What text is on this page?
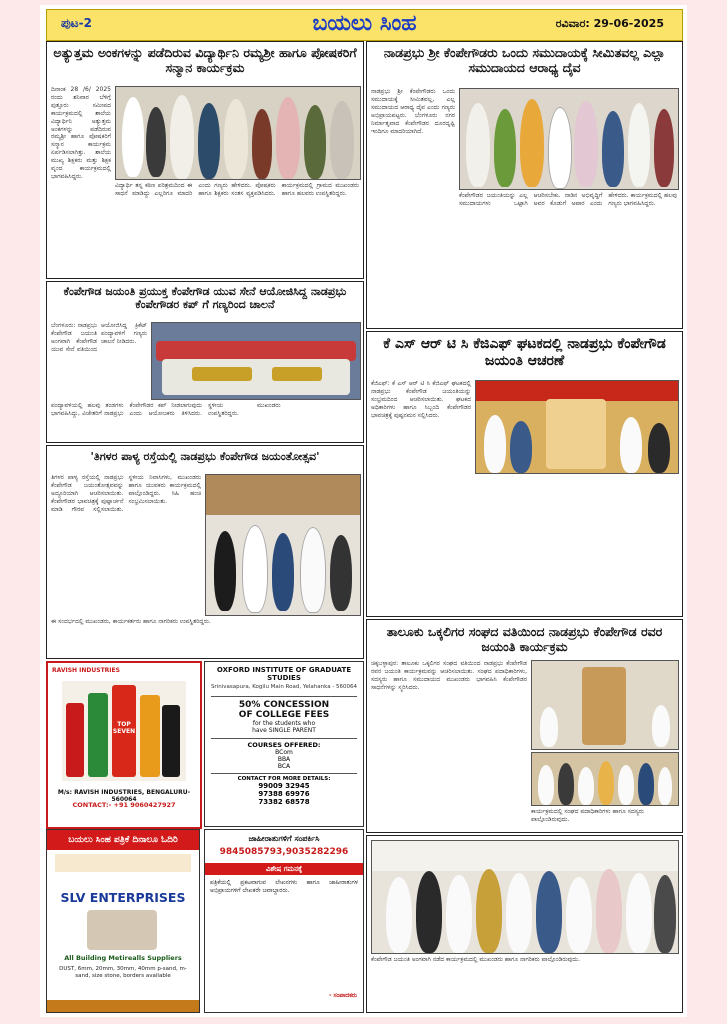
ಪುಟ-2	ಬಯಲು ಸಿಂಹ	ರವಿವಾರ: 29-06-2025
ಅತ್ಯುತ್ತಮ ಅಂಕಗಳನ್ನು ಪಡೆದಿರುವ ವಿದ್ಯಾರ್ಥಿನಿ ರಮ್ಯಶ್ರೀ ಹಾಗೂ ಪೋಷಕರಿಗೆ ಸನ್ಮಾನ ಕಾರ್ಯಕ್ರಮ
ದಿನಾಂಕ 28 /6/ 2025 ರಂದು ಶನಿವಾರ ಬೆಳಿಗ್ಗೆ ಪುತ್ತೂರು ಸಮೀಪದ ಕಾರ್ಯಕ್ರಮದಲ್ಲಿ ಶಾಲೆಯ ವಿದ್ಯಾರ್ಥಿನಿ ಅತ್ಯುತ್ತಮ ಅಂಕಗಳನ್ನು ಪಡೆದಿರುವ ರಮ್ಯಶ್ರೀ ಹಾಗೂ ಪೋಷಕರಿಗೆ ಸನ್ಮಾನ ಕಾರ್ಯಕ್ರಮ ಏರ್ಪಡಿಸಲಾಗಿತ್ತು. ಶಾಲೆಯ ಮುಖ್ಯ ಶಿಕ್ಷಕರು ಮತ್ತು ಶಿಕ್ಷಕ ವೃಂದ ಕಾರ್ಯಕ್ರಮದಲ್ಲಿ ಭಾಗವಹಿಸಿದ್ದರು.
ವಿದ್ಯಾರ್ಥಿ ತನ್ನ ಕಠಿಣ ಪರಿಶ್ರಮದಿಂದ ಈ ಸಾಧನೆ ಮಾಡಿದ್ದು ಎಲ್ಲರಿಗೂ ಮಾದರಿ ಎಂದು ಗಣ್ಯರು ಹೇಳಿದರು. ಪೋಷಕರು ಹಾಗೂ ಶಿಕ್ಷಕರು ಸಂತಸ ವ್ಯಕ್ತಪಡಿಸಿದರು. ಕಾರ್ಯಕ್ರಮದಲ್ಲಿ ಗ್ರಾಮದ ಮುಖಂಡರು ಹಾಗೂ ಹಲವರು ಉಪಸ್ಥಿತರಿದ್ದರು.
ಕೆಂಪೇಗೌಡ ಜಯಂತಿ ಪ್ರಯುಕ್ತ ಕೆಂಪೇಗೌಡ ಯುವ ಸೇನೆ ಆಯೋಜಿಸಿದ್ದ ನಾಡಪ್ರಭು ಕೆಂಪೇಗೌಡರ ಕಪ್ ಗೆ ಗಣ್ಯರಿಂದ ಚಾಲನೆ
ಬೆಂಗಳೂರು: ನಾಡಪ್ರಭು ಕೆಂಪೇಗೌಡ ಜಯಂತಿ ಅಂಗವಾಗಿ ಕೆಂಪೇಗೌಡ ಯುವ ಸೇನೆ ವತಿಯಿಂದ ಆಯೋಜಿಸಿದ್ದ ಕ್ರಿಕೆಟ್ ಪಂದ್ಯಾವಳಿಗೆ ಗಣ್ಯರು ಚಾಲನೆ ನೀಡಿದರು.
ಪಂದ್ಯಾವಳಿಯಲ್ಲಿ ಹಲವು ತಂಡಗಳು ಭಾಗವಹಿಸಿದ್ದು, ವಿಜೇತರಿಗೆ ನಾಡಪ್ರಭು ಕೆಂಪೇಗೌಡರ ಕಪ್ ನೀಡಲಾಗುವುದು ಎಂದು ಆಯೋಜಕರು ತಿಳಿಸಿದರು. ಸ್ಥಳೀಯ ಮುಖಂಡರು ಉಪಸ್ಥಿತರಿದ್ದರು.
'ತಿಗಳರ ಪಾಳ್ಯ ರಸ್ತೆಯಲ್ಲಿ ನಾಡಪ್ರಭು ಕೆಂಪೇಗೌಡ ಜಯಂತೋತ್ಸವ'
ತಿಗಳರ ಪಾಳ್ಯ ರಸ್ತೆಯಲ್ಲಿ ನಾಡಪ್ರಭು ಕೆಂಪೇಗೌಡ ಜಯಂತೋತ್ಸವವನ್ನು ಅದ್ಧೂರಿಯಾಗಿ ಆಚರಿಸಲಾಯಿತು. ಕೆಂಪೇಗೌಡರ ಭಾವಚಿತ್ರಕ್ಕೆ ಪುಷ್ಪಾರ್ಚನೆ ಮಾಡಿ ಗೌರವ ಸಲ್ಲಿಸಲಾಯಿತು. ಸ್ಥಳೀಯ ನಿವಾಸಿಗಳು, ಮುಖಂಡರು ಹಾಗೂ ಯುವಕರು ಕಾರ್ಯಕ್ರಮದಲ್ಲಿ ಪಾಲ್ಗೊಂಡಿದ್ದರು. ಸಿಹಿ ಹಂಚಿ ಸಂಭ್ರಮಿಸಲಾಯಿತು.
ಈ ಸಂದರ್ಭದಲ್ಲಿ ಮುಖಂಡರು, ಕಾರ್ಯಕರ್ತರು ಹಾಗೂ ನಾಗರಿಕರು ಉಪಸ್ಥಿತರಿದ್ದರು.
RAVISH INDUSTRIES
TOP SEVEN
M/s: RAVISH INDUSTRIES, BENGALURU-560064
CONTACT:- +91 9060427927
OXFORD INSTITUTE OF GRADUATE STUDIES
Srinivasapura, Kogilu Main Road, Yelahanka - 560064
50% CONCESSION
OF COLLEGE FEES
for the students who
have SINGLE PARENT
COURSES OFFERED:
BCom
BBA
BCA
CONTACT FOR MORE DETAILS:
99009 32945
97388 69976
73382 68578
ಬಯಲು ಸಿಂಹ ಪತ್ರಿಕೆ ದಿನಾಲೂ ಓದಿರಿ
SLV ENTERPRISES
All Building Metirealls Suppliers
DUST, 6mm, 20mm, 30mm, 40mm p-sand, m-sand, size stone, borders available
ಜಾಹೀರಾತುಗಳಿಗೆ ಸಂಪರ್ಕಿಸಿ
9845085793,9035282296
ವಿಶೇಷ ಗಮನಕ್ಕೆ
ಪತ್ರಿಕೆಯಲ್ಲಿ ಪ್ರಕಟವಾಗುವ ಲೇಖನಗಳು ಹಾಗೂ ಜಾಹೀರಾತುಗಳ ಅಭಿಪ್ರಾಯಗಳಿಗೆ ಲೇಖಕರೇ ಜವಾಬ್ದಾರರು.
- ಸಂಪಾದಕರು
ನಾಡಪ್ರಭು ಶ್ರೀ ಕೆಂಪೇಗೌಡರು ಒಂದು ಸಮುದಾಯಕ್ಕೆ ಸೀಮಿತವಲ್ಲ ಎಲ್ಲಾ ಸಮುದಾಯದ ಆರಾಧ್ಯ ದೈವ
ನಾಡಪ್ರಭು ಶ್ರೀ ಕೆಂಪೇಗೌಡರು ಒಂದು ಸಮುದಾಯಕ್ಕೆ ಸೀಮಿತವಲ್ಲ, ಎಲ್ಲ ಸಮುದಾಯದ ಆರಾಧ್ಯ ದೈವ ಎಂದು ಗಣ್ಯರು ಅಭಿಪ್ರಾಯಪಟ್ಟರು. ಬೆಂಗಳೂರು ನಗರ ನಿರ್ಮಾತೃವಾದ ಕೆಂಪೇಗೌಡರ ದೂರದೃಷ್ಟಿ ಇಂದಿಗೂ ಮಾದರಿಯಾಗಿದೆ.
ಕೆಂಪೇಗೌಡರ ಜಯಂತಿಯನ್ನು ಎಲ್ಲ ಸಮುದಾಯಗಳು ಒಟ್ಟಾಗಿ ಆಚರಿಸಬೇಕು. ನಾಡಿನ ಅಭಿವೃದ್ಧಿಗೆ ಅವರ ಕೊಡುಗೆ ಅಪಾರ ಎಂದು ಹೇಳಿದರು. ಕಾರ್ಯಕ್ರಮದಲ್ಲಿ ಹಲವು ಗಣ್ಯರು ಭಾಗವಹಿಸಿದ್ದರು.
ಕೆ ಎಸ್ ಆರ್ ಟಿ ಸಿ ಕೆಜಿಎಫ್ ಘಟಕದಲ್ಲಿ ನಾಡಪ್ರಭು ಕೆಂಪೇಗೌಡ ಜಯಂತಿ ಆಚರಣೆ
ಕೆಜಿಎಫ್: ಕೆ ಎಸ್ ಆರ್ ಟಿ ಸಿ ಕೆಜಿಎಫ್ ಘಟಕದಲ್ಲಿ ನಾಡಪ್ರಭು ಕೆಂಪೇಗೌಡ ಜಯಂತಿಯನ್ನು ಸಂಭ್ರಮದಿಂದ ಆಚರಿಸಲಾಯಿತು. ಘಟಕದ ಅಧಿಕಾರಿಗಳು ಹಾಗೂ ಸಿಬ್ಬಂದಿ ಕೆಂಪೇಗೌಡರ ಭಾವಚಿತ್ರಕ್ಕೆ ಪುಷ್ಪನಮನ ಸಲ್ಲಿಸಿದರು.
ತಾಲೂಕು ಒಕ್ಕಲಿಗರ ಸಂಘದ ವತಿಯಿಂದ ನಾಡಪ್ರಭು ಕೆಂಪೇಗೌಡ ರವರ ಜಯಂತಿ ಕಾರ್ಯಕ್ರಮ
ಚಿಕ್ಕಬಳ್ಳಾಪುರ: ತಾಲೂಕು ಒಕ್ಕಲಿಗರ ಸಂಘದ ವತಿಯಿಂದ ನಾಡಪ್ರಭು ಕೆಂಪೇಗೌಡ ರವರ ಜಯಂತಿ ಕಾರ್ಯಕ್ರಮವನ್ನು ಆಚರಿಸಲಾಯಿತು. ಸಂಘದ ಪದಾಧಿಕಾರಿಗಳು, ಸದಸ್ಯರು ಹಾಗೂ ಸಮುದಾಯದ ಮುಖಂಡರು ಭಾಗವಹಿಸಿ ಕೆಂಪೇಗೌಡರ ಸಾಧನೆಗಳನ್ನು ಸ್ಮರಿಸಿದರು.
ಕಾರ್ಯಕ್ರಮದಲ್ಲಿ ಸಂಘದ ಪದಾಧಿಕಾರಿಗಳು ಹಾಗೂ ಸದಸ್ಯರು ಪಾಲ್ಗೊಂಡಿರುವುದು.
ಕೆಂಪೇಗೌಡ ಜಯಂತಿ ಅಂಗವಾಗಿ ನಡೆದ ಕಾರ್ಯಕ್ರಮದಲ್ಲಿ ಮುಖಂಡರು ಹಾಗೂ ನಾಗರಿಕರು ಪಾಲ್ಗೊಂಡಿರುವುದು.
